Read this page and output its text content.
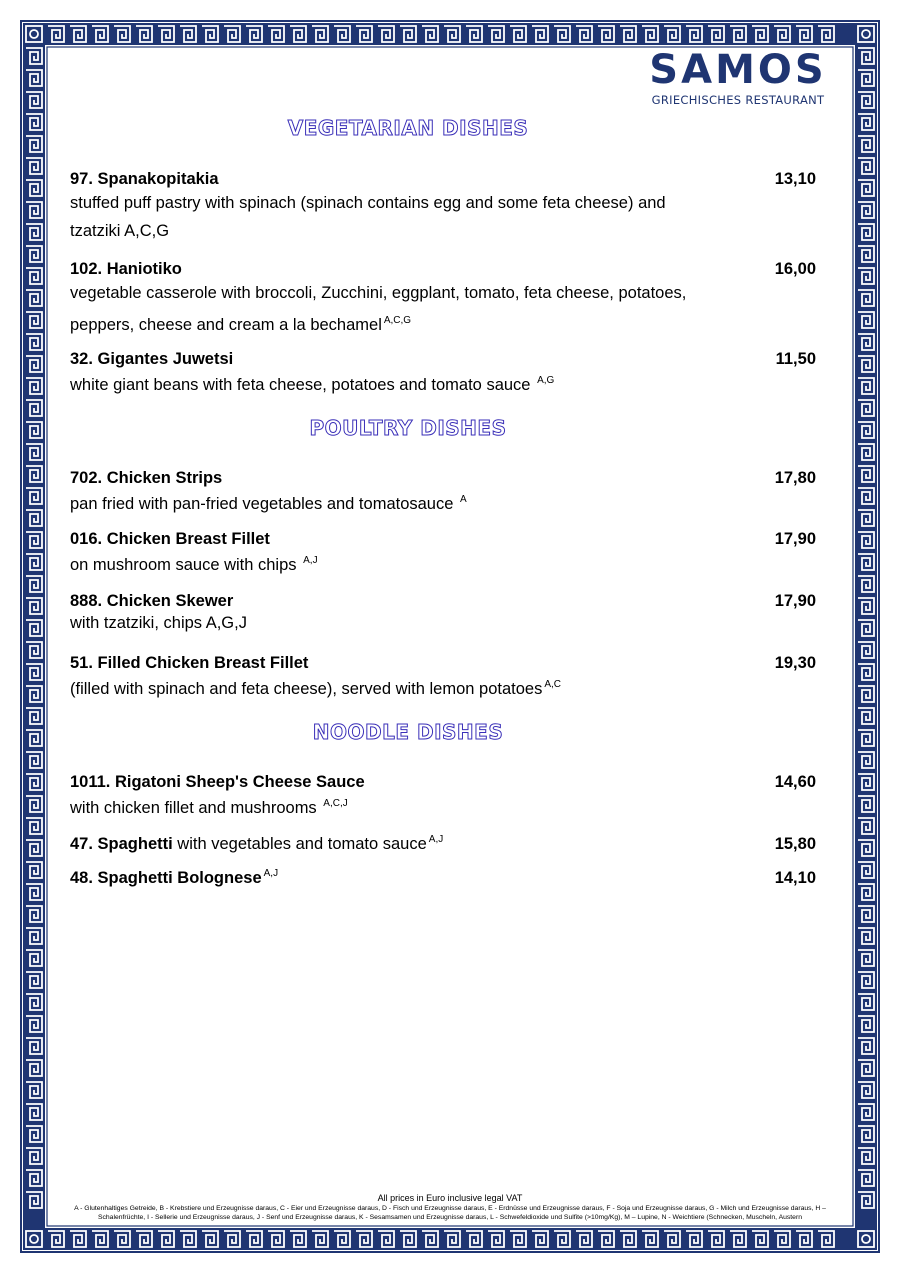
SAMOS
GRIECHISCHES RESTAURANT
VEGETARIAN DISHES
97. Spanakopitakia	13,10
stuffed puff pastry with spinach (spinach contains egg and some feta cheese) and tzatziki A,C,G
102. Haniotiko	16,00
vegetable casserole with broccoli, Zucchini, eggplant, tomato, feta cheese, potatoes, peppers, cheese and cream a la bechamel $^{A,C,G}$
32. Gigantes Juwetsi	11,50
white giant beans with feta cheese, potatoes and tomato sauce $^{A,G}$
POULTRY DISHES
702. Chicken Strips	17,80
pan fried with pan-fried vegetables and tomatosauce $^A$
016. Chicken Breast Fillet	17,90
on mushroom sauce with chips $^{A,J}$
888. Chicken Skewer	17,90
with tzatziki, chips A,G,J
51. Filled Chicken Breast Fillet	19,30
(filled with spinach and feta cheese), served with lemon potatoes $^{A,C}$
NOODLE DISHES
1011. Rigatoni Sheep's Cheese Sauce	14,60
with chicken fillet and mushrooms $^{A,C,J}$
47. Spaghetti with vegetables and tomato sauce $^{A,J}$	15,80
48. Spaghetti Bolognese $^{A,J}$	14,10
All prices in Euro inclusive legal VAT
A - Glutenhaltiges Getreide, B - Krebstiere und Erzeugnisse daraus, C - Eier und Erzeugnisse daraus, D - Fisch und Erzeugnisse daraus, E - Erdnüsse und Erzeugnisse daraus, F - Soja und Erzeugnisse daraus, G - Milch und Erzeugnisse daraus, H – Schalenfrüchte, I - Sellerie und Erzeugnisse daraus, J - Senf und Erzeugnisse daraus, K - Sesamsamen und Erzeugnisse daraus, L - Schwefeldioxide und Sulfite (>10mg/Kg), M – Lupine, N - Weichtiere (Schnecken, Muscheln, Austern
